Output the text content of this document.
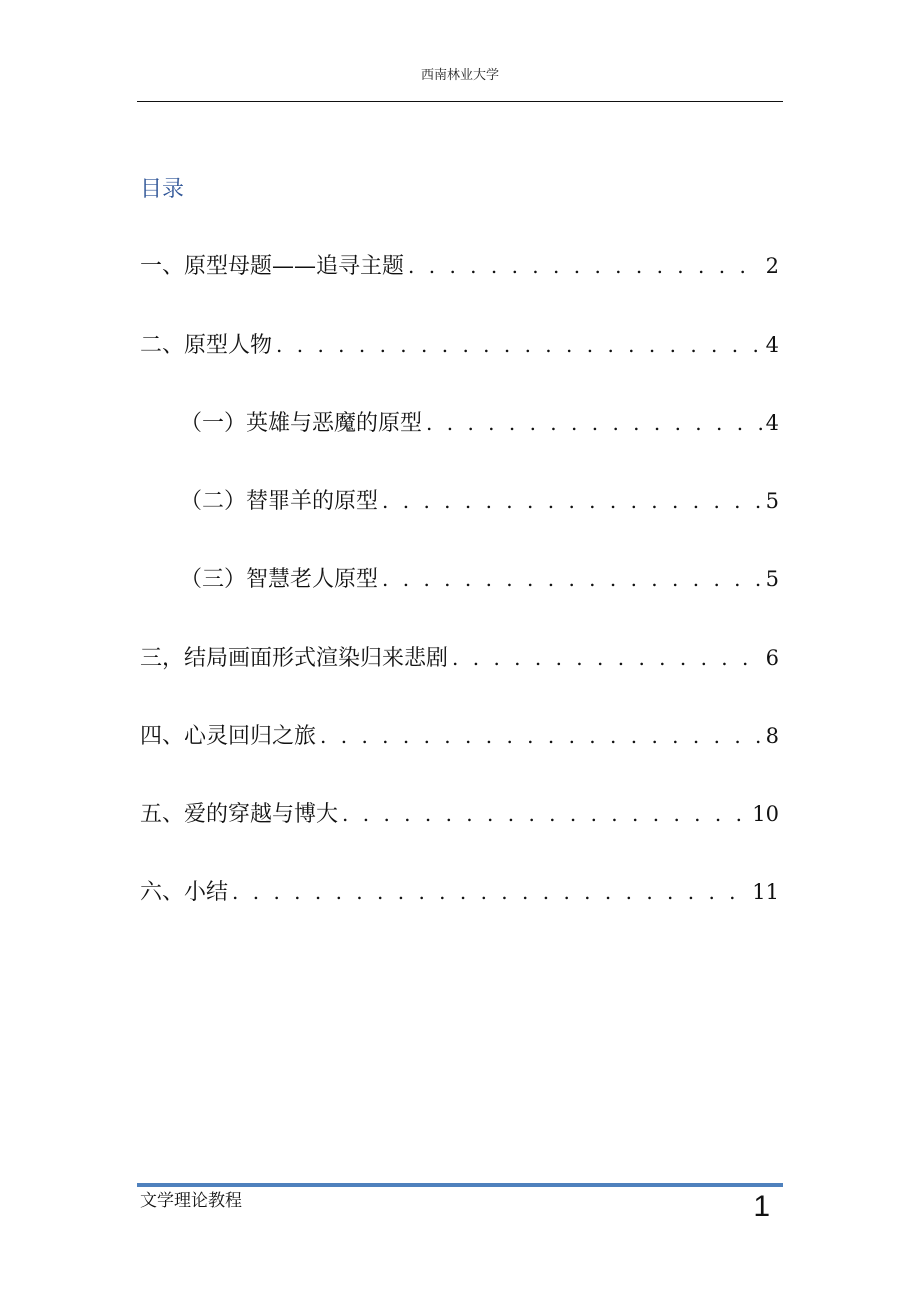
西南林业大学
目录
一、原型母题——追寻主题 . . .	2
二、原型人物 . . .	4
（一）英雄与恶魔的原型 . . .	4
（二）替罪羊的原型 . . .	5
（三）智慧老人原型 . . .	5
三，结局画面形式渲染归来悲剧 . . .	6
四、心灵回归之旅 . . .	8
五、爱的穿越与博大 . . .	10
六、小结 . . .	11
文学理论教程	1
